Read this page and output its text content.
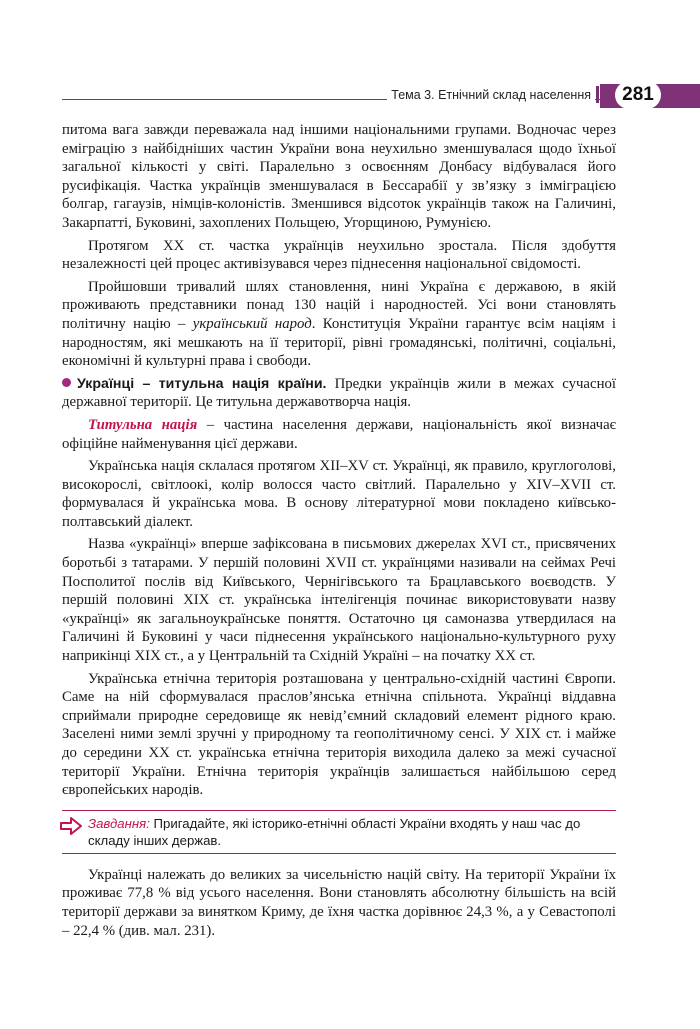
Тема 3. Етнічний склад населення	281

питома вага завжди переважала над іншими національними групами. Водночас через еміграцію з найбідніших частин України вона неухильно зменшувалася щодо їхньої загальної кількості у світі. Паралельно з освоєнням Донбасу відбувалася його русифікація. Частка українців зменшувалася в Бессарабії у зв’язку з імміграцією болгар, гагаузів, німців-колоністів. Зменшився відсоток українців також на Галичині, Закарпатті, Буковині, захоплених Польщею, Угорщиною, Румунією.

Протягом ХХ ст. частка українців неухильно зростала. Після здобуття незалежності цей процес активізувався через піднесення національної свідомості.

Пройшовши тривалий шлях становлення, нині Україна є державою, в якій проживають представники понад 130 націй і народностей. Усі вони становлять політичну націю – український народ. Конституція України гарантує всім націям і народностям, які мешкають на її території, рівні громадянські, політичні, соціальні, економічні й культурні права і свободи.

Українці – титульна нація країни. Предки українців жили в межах сучасної державної території. Це титульна державотворча нація.

Титульна нація – частина населення держави, національність якої визначає офіційне найменування цієї держави.

Українська нація склалася протягом XII–XV ст. Українці, як правило, круглоголові, високорослі, світлоокі, колір волосся часто світлий. Паралельно у XIV–XVII ст. формувалася й українська мова. В основу літературної мови покладено київсько-полтавський діалект.

Назва «українці» вперше зафіксована в письмових джерелах XVI ст., присвячених боротьбі з татарами. У першій половині XVII ст. українцями називали на сеймах Речі Посполитої послів від Київського, Чернігівського та Брацлавського воєводств. У першій половині XIX ст. українська інтелігенція починає використовувати назву «українці» як загальноукраїнське поняття. Остаточно ця самоназва утвердилася на Галичині й Буковині у часи піднесення українського національно-культурного руху наприкінці XIX ст., а у Центральній та Східній Україні – на початку XX ст.

Українська етнічна територія розташована у центрально-східній частині Європи. Саме на ній сформувалася праслов’янська етнічна спільнота. Українці віддавна сприймали природне середовище як невід’ємний складовий елемент рідного краю. Заселені ними землі зручні у природному та геополітичному сенсі. У XIX ст. і майже до середини XX ст. українська етнічна територія виходила далеко за межі сучасної території України. Етнічна територія українців залишається найбільшою серед європейських народів.

Завдання: Пригадайте, які історико-етнічні області України входять у наш час до складу інших держав.

Українці належать до великих за чисельністю націй світу. На території України їх проживає 77,8 % від усього населення. Вони становлять абсолютну більшість на всій території держави за винятком Криму, де їхня частка дорівнює 24,3 %, а у Севастополі – 22,4 % (див. мал. 231).
